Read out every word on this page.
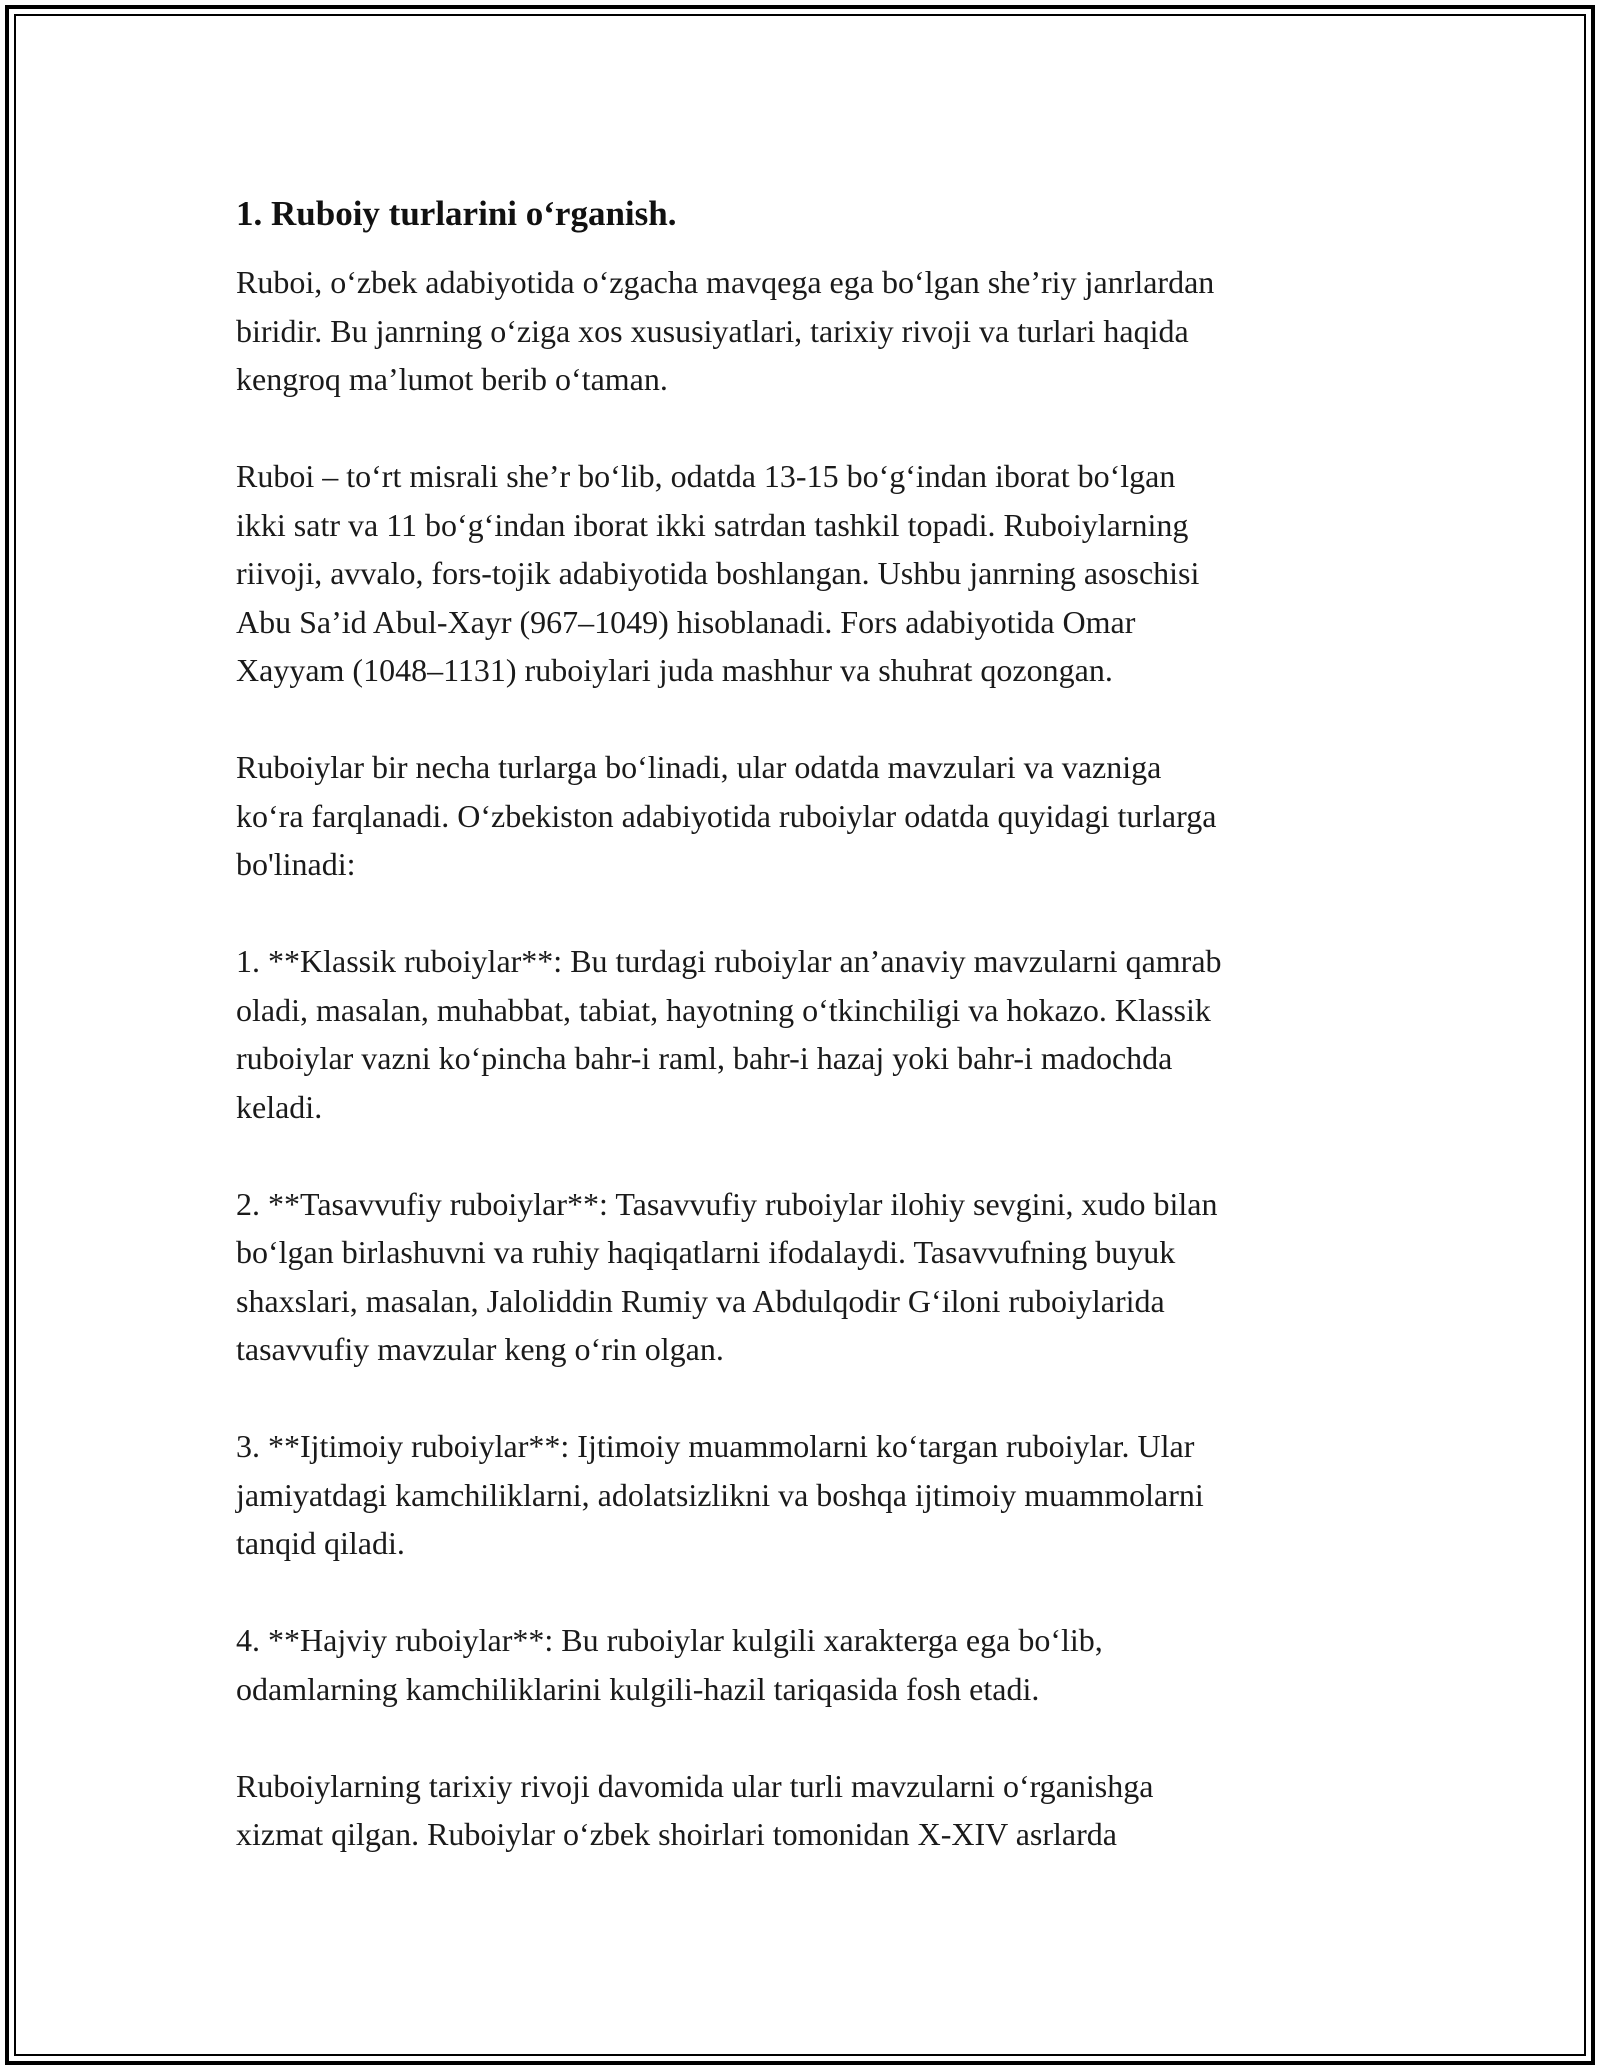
1. Ruboiy turlarini o‘rganish.

Ruboi, o‘zbek adabiyotida o‘zgacha mavqega ega bo‘lgan she’riy janrlardan
biridir. Bu janrning o‘ziga xos xususiyatlari, tarixiy rivoji va turlari haqida
kengroq ma’lumot berib o‘taman.

Ruboi – to‘rt misrali she’r bo‘lib, odatda 13-15 bo‘g‘indan iborat bo‘lgan
ikki satr va 11 bo‘g‘indan iborat ikki satrdan tashkil topadi. Ruboiylarning
riivoji, avvalo, fors-tojik adabiyotida boshlangan. Ushbu janrning asoschisi
Abu Sa’id Abul-Xayr (967–1049) hisoblanadi. Fors adabiyotida Omar
Xayyam (1048–1131) ruboiylari juda mashhur va shuhrat qozongan.

Ruboiylar bir necha turlarga bo‘linadi, ular odatda mavzulari va vazniga
ko‘ra farqlanadi. O‘zbekiston adabiyotida ruboiylar odatda quyidagi turlarga
bo'linadi:

1. **Klassik ruboiylar**: Bu turdagi ruboiylar an’anaviy mavzularni qamrab
oladi, masalan, muhabbat, tabiat, hayotning o‘tkinchiligi va hokazo. Klassik
ruboiylar vazni ko‘pincha bahr-i raml, bahr-i hazaj yoki bahr-i madochda
keladi.

2. **Tasavvufiy ruboiylar**: Tasavvufiy ruboiylar ilohiy sevgini, xudo bilan
bo‘lgan birlashuvni va ruhiy haqiqatlarni ifodalaydi. Tasavvufning buyuk
shaxslari, masalan, Jaloliddin Rumiy va Abdulqodir G‘iloni ruboiylarida
tasavvufiy mavzular keng o‘rin olgan.

3. **Ijtimoiy ruboiylar**: Ijtimoiy muammolarni ko‘targan ruboiylar. Ular
jamiyatdagi kamchiliklarni, adolatsizlikni va boshqa ijtimoiy muammolarni
tanqid qiladi.

4. **Hajviy ruboiylar**: Bu ruboiylar kulgili xarakterga ega bo‘lib,
odamlarning kamchiliklarini kulgili-hazil tariqasida fosh etadi.

Ruboiylarning tarixiy rivoji davomida ular turli mavzularni o‘rganishga
xizmat qilgan. Ruboiylar o‘zbek shoirlari tomonidan X-XIV asrlarda
